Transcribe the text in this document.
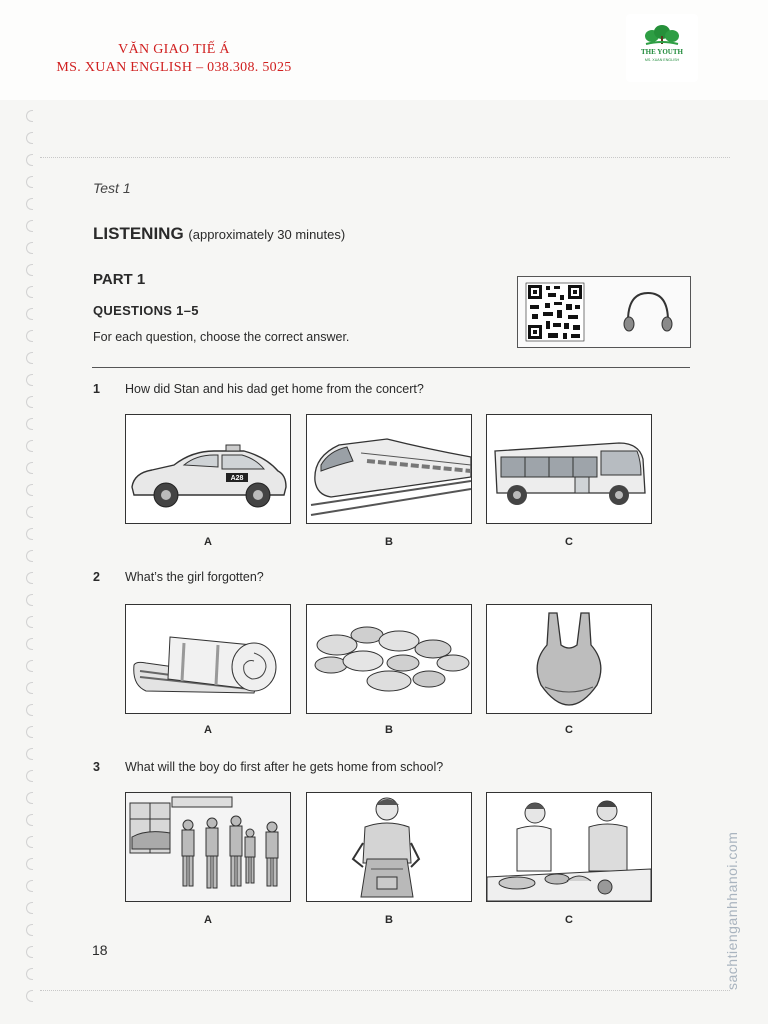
VĂN GIAO TIẾ Á
MS. XUAN ENGLISH – 038.308. 5025
THE YOUTH
MS. XUAN ENGLISH
Test 1
LISTENING (approximately 30 minutes)
PART 1
QUESTIONS 1–5
For each question, choose the correct answer.
1 How did Stan and his dad get home from the concert?
A28
A	B	C
2 What’s the girl forgotten?
A	B	C
3 What will the boy do first after he gets home from school?
A	B	C
18	sachtienganhhanoi.com
